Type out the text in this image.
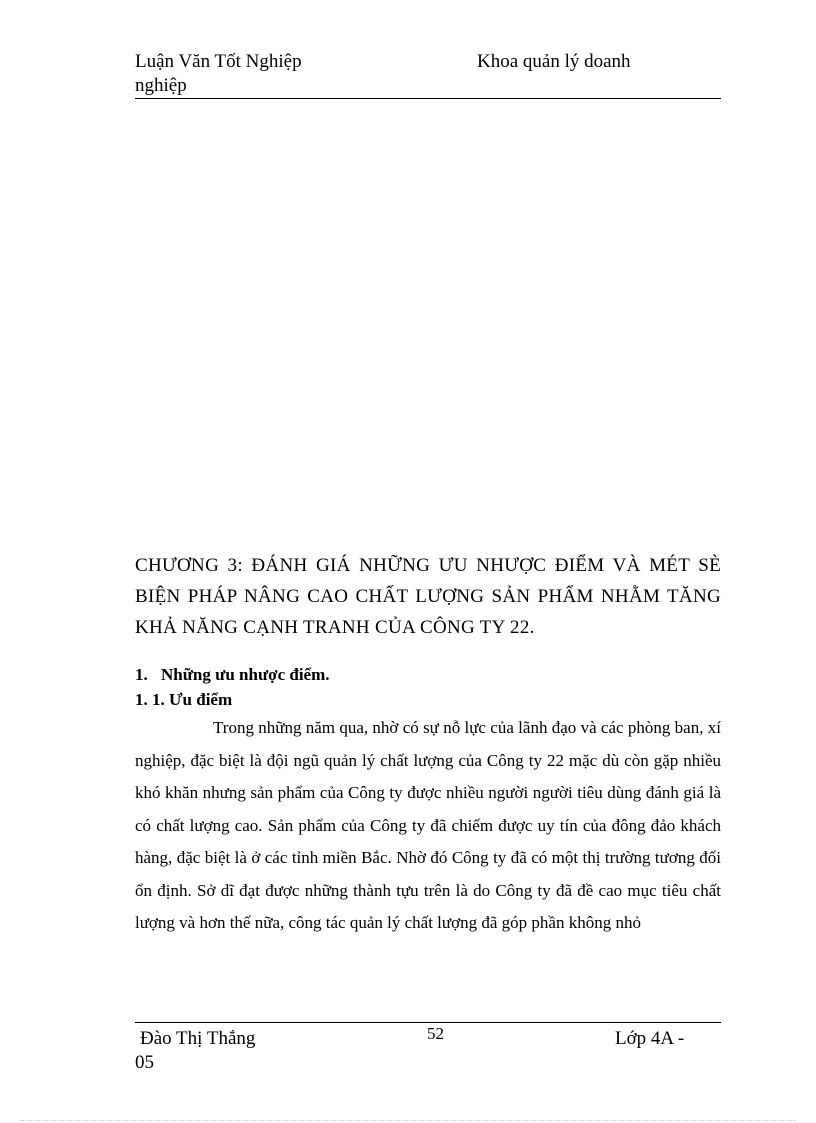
Luận Văn Tốt Nghiệp	Khoa quản lý doanh
nghiệp
CHƯƠNG 3: ĐÁNH GIÁ NHỮNG ƯU NHƯỢC ĐIỂM VÀ MÉT SÈ BIỆN PHÁP NÂNG CAO CHẤT LƯỢNG SẢN PHẨM NHẰM TĂNG KHẢ NĂNG CẠNH TRANH CỦA CÔNG TY 22.
1. Những ưu nhược điểm.
1. 1. Ưu điểm
Trong những năm qua, nhờ có sự nỗ lực của lãnh đạo và các phòng ban, xí nghiệp, đặc biệt là đội ngũ quản lý chất lượng của Công ty 22 mặc dù còn gặp nhiều khó khăn nhưng sản phẩm của Công ty được nhiều người người tiêu dùng đánh giá là có chất lượng cao. Sản phẩm của Công ty đã chiếm được uy tín của đông đảo khách hàng, đặc biệt là ở các tỉnh miền Bắc. Nhờ đó Công ty đã có một thị trường tương đối ổn định. Sở dĩ đạt được những thành tựu trên là do Công ty đã đề cao mục tiêu chất lượng và hơn thế nữa, công tác quản lý chất lượng đã góp phần không nhỏ
Đào Thị Thắng
05
52	Lớp 4A -
